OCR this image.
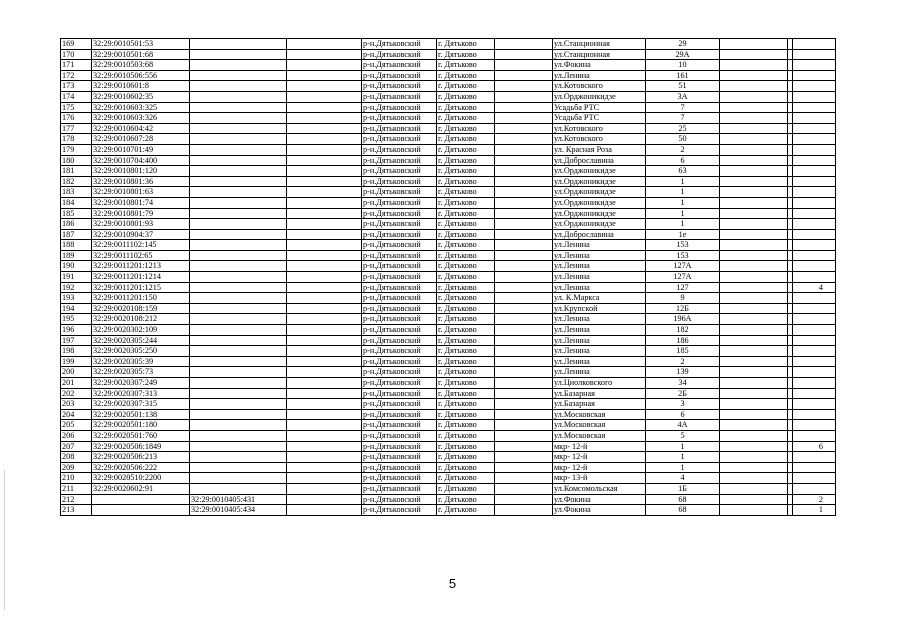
169	32:29:0010501:53			р-н.Дятьковский	г. Дятьково		ул.Станционная	29			
170	32:29:0010501:68			р-н.Дятьковский	г. Дятьково		ул.Станционная	29А			
171	32:29:0010503:68			р-н.Дятьковский	г. Дятьково		ул.Фокина	10			
172	32:29:0010506:556			р-н.Дятьковский	г. Дятьково		ул.Ленина	161			
173	32:29:0010601:8			р-н.Дятьковский	г. Дятьково		ул.Котовского	51			
174	32:29:0010602:35			р-н.Дятьковский	г. Дятьково		ул.Орджоникидзе	3А			
175	32:29:0010603:325			р-н.Дятьковский	г. Дятьково		Усадьба РТС	7			
176	32:29:0010603:326			р-н.Дятьковский	г. Дятьково		Усадьба РТС	7			
177	32:29:0010604:42			р-н.Дятьковский	г. Дятьково		ул.Котовского	25			
178	32:29:0010607:28			р-н.Дятьковский	г. Дятьково		ул.Котовского	50			
179	32:29:0010701:49			р-н.Дятьковский	г. Дятьково		ул. Красная Роза	2			
180	32:29:0010704:400			р-н.Дятьковский	г. Дятьково		ул.Доброславина	6			
181	32:29:0010801:120			р-н.Дятьковский	г. Дятьково		ул.Орджоникидзе	63			
182	32:29:0010801:36			р-н.Дятьковский	г. Дятьково		ул.Орджоникидзе	1			
183	32:29:0010801:63			р-н.Дятьковский	г. Дятьково		ул.Орджоникидзе	1			
184	32:29:0010801:74			р-н.Дятьковский	г. Дятьково		ул.Орджоникидзе	1			
185	32:29:0010801:79			р-н.Дятьковский	г. Дятьково		ул.Орджоникидзе	1			
186	32:29:0010801:93			р-н.Дятьковский	г. Дятьково		ул.Орджоникидзе	1			
187	32:29:0010904:37			р-н.Дятьковский	г. Дятьково		ул.Доброславина	1е			
188	32:29:0011102:145			р-н.Дятьковский	г. Дятьково		ул.Ленина	153			
189	32:29:0011102:65			р-н.Дятьковский	г. Дятьково		ул.Ленина	153			
190	32:29:0011201:1213			р-н.Дятьковский	г. Дятьково		ул.Ленина	127А			
191	32:29:0011201:1214			р-н.Дятьковский	г. Дятьково		ул.Ленина	127А			
192	32:29:0011201:1215			р-н.Дятьковский	г. Дятьково		ул.Ленина	127			4
193	32:29:0011201:150			р-н.Дятьковский	г. Дятьково		ул. К.Маркса	9			
194	32:29:0020108:159			р-н.Дятьковский	г. Дятьково		ул.Крупской	12Б			
195	32:29:0020108:212			р-н.Дятьковский	г. Дятьково		ул.Ленина	196А			
196	32:29:0020302:109			р-н.Дятьковский	г. Дятьково		ул.Ленина	182			
197	32:29:0020305:244			р-н.Дятьковский	г. Дятьково		ул.Ленина	186			
198	32:29:0020305:250			р-н.Дятьковский	г. Дятьково		ул.Ленина	185			
199	32:29:0020305:39			р-н.Дятьковский	г. Дятьково		ул.Ленина	2			
200	32:29:0020305:73			р-н.Дятьковский	г. Дятьково		ул.Ленина	139			
201	32:29:0020307:249			р-н.Дятьковский	г. Дятьково		ул.Циолковского	34			
202	32:29:0020307:313			р-н.Дятьковский	г. Дятьково		ул.Базарная	2Б			
203	32:29:0020307:315			р-н.Дятьковский	г. Дятьково		ул.Базарная	3			
204	32:29:0020501:138			р-н.Дятьковский	г. Дятьково		ул.Московская	6			
205	32:29:0020501:180			р-н.Дятьковский	г. Дятьково		ул.Московская	4А			
206	32:29:0020501:760			р-н.Дятьковский	г. Дятьково		ул.Московская	5			
207	32:29:0020506:1849			р-н.Дятьковский	г. Дятьково		мкр- 12-й	1			6
208	32:29:0020506:213			р-н.Дятьковский	г. Дятьково		мкр- 12-й	1			
209	32:29:0020506:222			р-н.Дятьковский	г. Дятьково		мкр- 12-й	1			
210	32:29:0020510:2200			р-н.Дятьковский	г. Дятьково		мкр- 13-й	4			
211	32:29:0020602:91			р-н.Дятьковский	г. Дятьково		ул.Комсомольская	1Б			
212		32:29:0010405:431		р-н.Дятьковский	г. Дятьково		ул.Фокина	68			2
213		32:29:0010405:434		р-н.Дятьковский	г. Дятьково		ул.Фокина	68			1
5
